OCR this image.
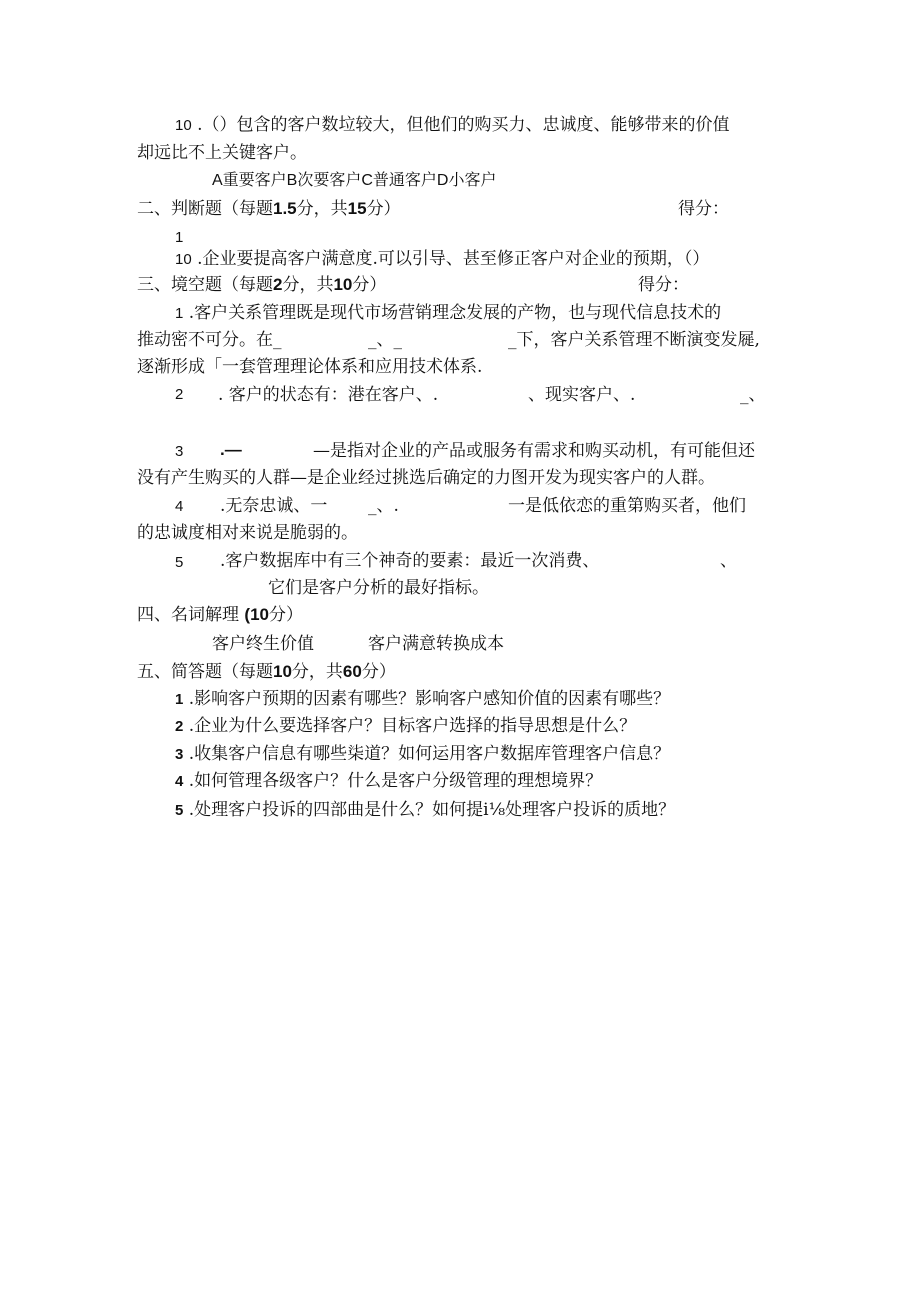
10 .（）包含的客户数垃较大，但他们的购买力、忠诚度、能够带来的价值
却远比不上关键客户。
A重要客户B次要客户C普通客户D小客户
二、判断题（每题1.5分，共15分）	得分：
1
10 .企业要提高客户满意度.可以引导、甚至修正客户对企业的预期，（）
三、境空题（每题2分，共10分）	得分：
1 .客户关系管理既是现代市场营销理念发展的产物，也与现代信息技术的
推动密不可分。在_	_、_	_下，客户关系管理不断演变发屣,
逐渐形成「一套管理理论体系和应用技术体系.
2 . 客户的状态有：港在客户、.	、现实客户、.	_、
3 .—	—是指对企业的产品或服务有需求和购买动机，有可能但还
没有产生购买的人群—是企业经过挑选后确定的力图开发为现实客户的人群。
4 .无奈忠诚、一 _、.	一是低依恋的重第购买者，他们
的忠诚度相对来说是脆弱的。
5 .客户数据库中有三个神奇的要素：最近一次消费、	、
它们是客户分析的最好指标。
四、名词解理 (10分）
客户终生价值	客户满意转换成本
五、简答题（每题10分，共60分）
1 .影响客户预期的因素有哪些？影响客户感知价值的因素有哪些？
2 .企业为什么要选择客户？目标客户选择的指导思想是什么？
3 .收集客户信息有哪些柒道？如何运用客户数据库管理客户信息？
4 .如何管理各级客户？什么是客户分级管理的理想境界？
5 .处理客户投诉的四部曲是什么？如何提i⅛处理客户投诉的质地？
